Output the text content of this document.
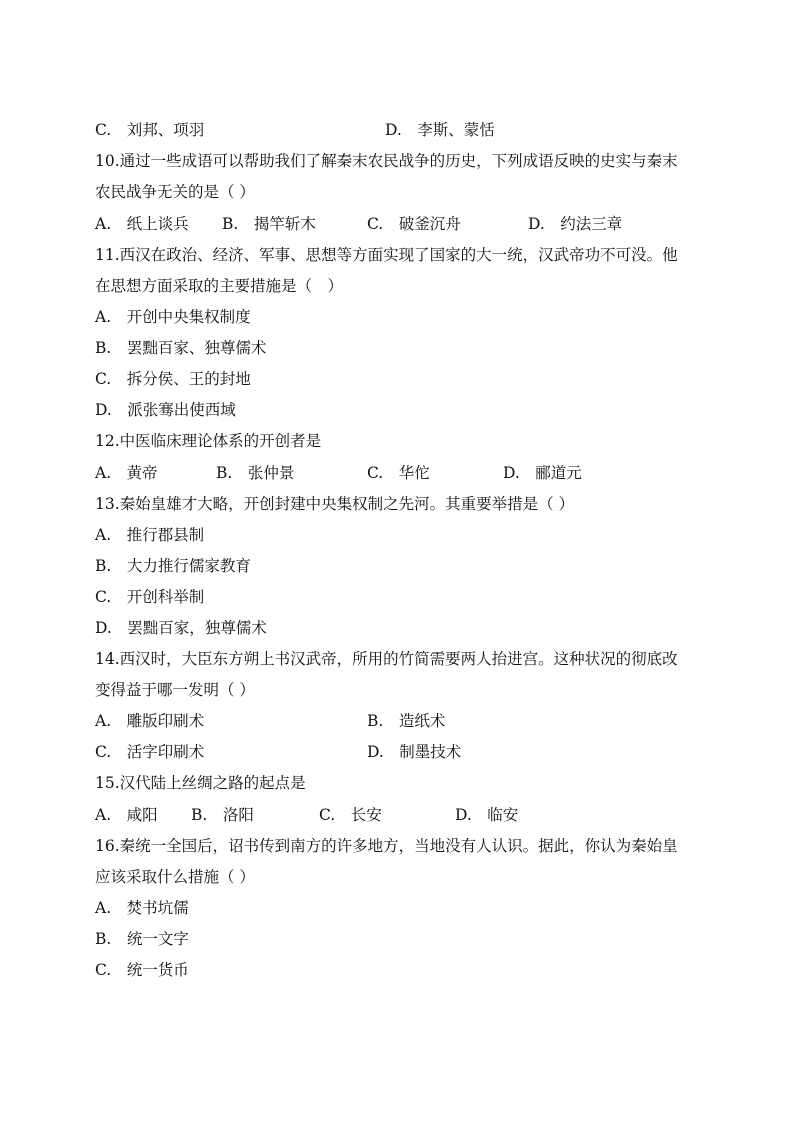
C.　刘邦、项羽	D.　李斯、蒙恬
10.通过一些成语可以帮助我们了解秦末农民战争的历史，下列成语反映的史实与秦末
农民战争无关的是（ ）
A.　纸上谈兵 B.　揭竿斩木	C.　破釜沉舟	D.　约法三章
11.西汉在政治、经济、军事、思想等方面实现了国家的大一统，汉武帝功不可没。他
在思想方面采取的主要措施是（　）
A.　开创中央集权制度
B.　罢黜百家、独尊儒术
C.　拆分侯、王的封地
D.　派张骞出使西域
12.中医临床理论体系的开创者是
A.　黄帝	B.　张仲景	C.　华佗	D.　郦道元
13.秦始皇雄才大略，开创封建中央集权制之先河。其重要举措是（ ）
A.　推行郡县制
B.　大力推行儒家教育
C.　开创科举制
D.　罢黜百家，独尊儒术
14.西汉时，大臣东方朔上书汉武帝，所用的竹简需要两人抬进宫。这种状况的彻底改
变得益于哪一发明（ ）
A.　雕版印刷术	B.　造纸术
C.　活字印刷术	D.　制墨技术
15.汉代陆上丝绸之路的起点是
A.　咸阳 B.　洛阳	C.　长安	D.　临安
16.秦统一全国后，诏书传到南方的许多地方，当地没有人认识。据此，你认为秦始皇
应该采取什么措施（ ）
A.　焚书坑儒
B.　统一文字
C.　统一货币
